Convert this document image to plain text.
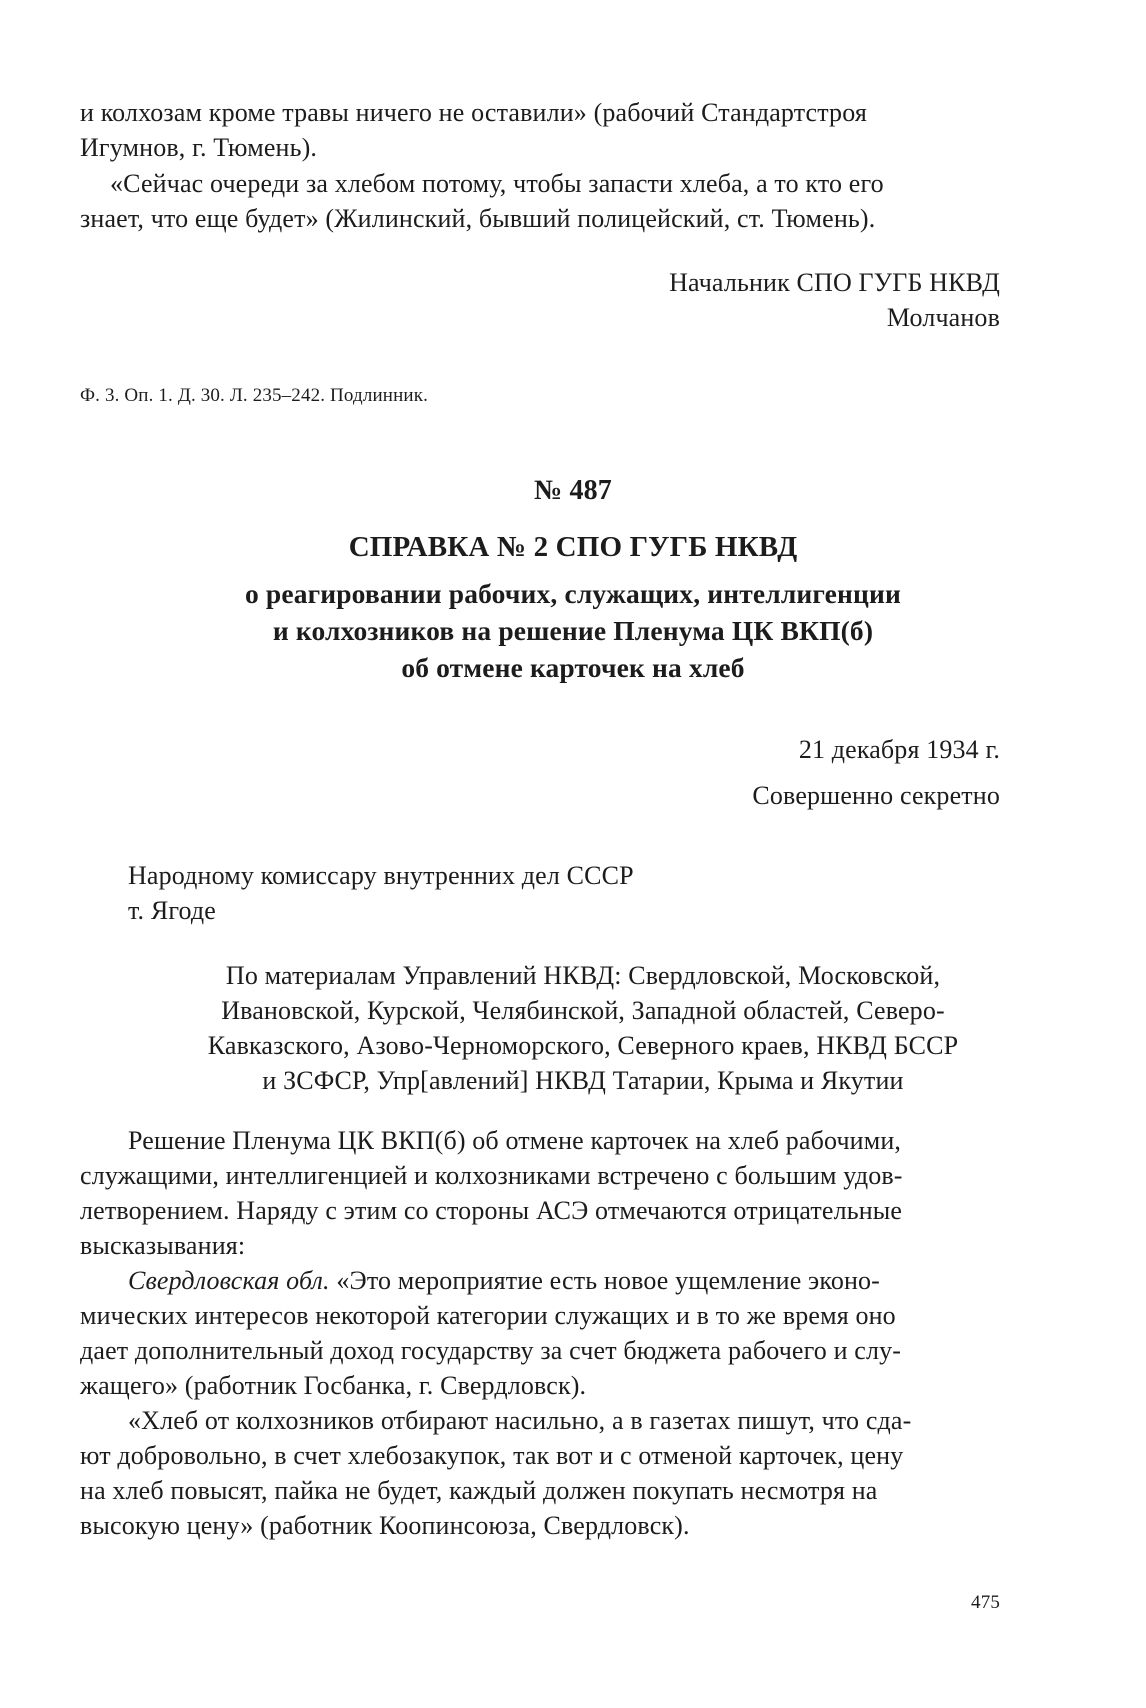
и колхозам кроме травы ничего не оставили» (рабочий Стандартстроя
Игумнов, г. Тюмень).
«Сейчас очереди за хлебом потому, чтобы запасти хлеба, а то кто его
знает, что еще будет» (Жилинский, бывший полицейский, ст. Тюмень).
Начальник СПО ГУГБ НКВД
Молчанов
Ф. 3. Оп. 1. Д. 30. Л. 235–242. Подлинник.
№ 487
СПРАВКА № 2 СПО ГУГБ НКВД
о реагировании рабочих, служащих, интеллигенции
и колхозников на решение Пленума ЦК ВКП(б)
об отмене карточек на хлеб
21 декабря 1934 г.
Совершенно секретно
Народному комиссару внутренних дел СССР
т. Ягоде
По материалам Управлений НКВД: Свердловской, Московской,
Ивановской, Курской, Челябинской, Западной областей, Северо-
Кавказского, Азово-Черноморского, Северного краев, НКВД БССР
и ЗСФСР, Упр[авлений] НКВД Татарии, Крыма и Якутии
Решение Пленума ЦК ВКП(б) об отмене карточек на хлеб рабочими,
служащими, интеллигенцией и колхозниками встречено с большим удов-
летворением. Наряду с этим со стороны АСЭ отмечаются отрицательные
высказывания:
Свердловская обл. «Это мероприятие есть новое ущемление эконо-
мических интересов некоторой категории служащих и в то же время оно
дает дополнительный доход государству за счет бюджета рабочего и слу-
жащего» (работник Госбанка, г. Свердловск).
«Хлеб от колхозников отбирают насильно, а в газетах пишут, что сда-
ют добровольно, в счет хлебозакупок, так вот и с отменой карточек, цену
на хлеб повысят, пайка не будет, каждый должен покупать несмотря на
высокую цену» (работник Коопинсоюза, Свердловск).
475
